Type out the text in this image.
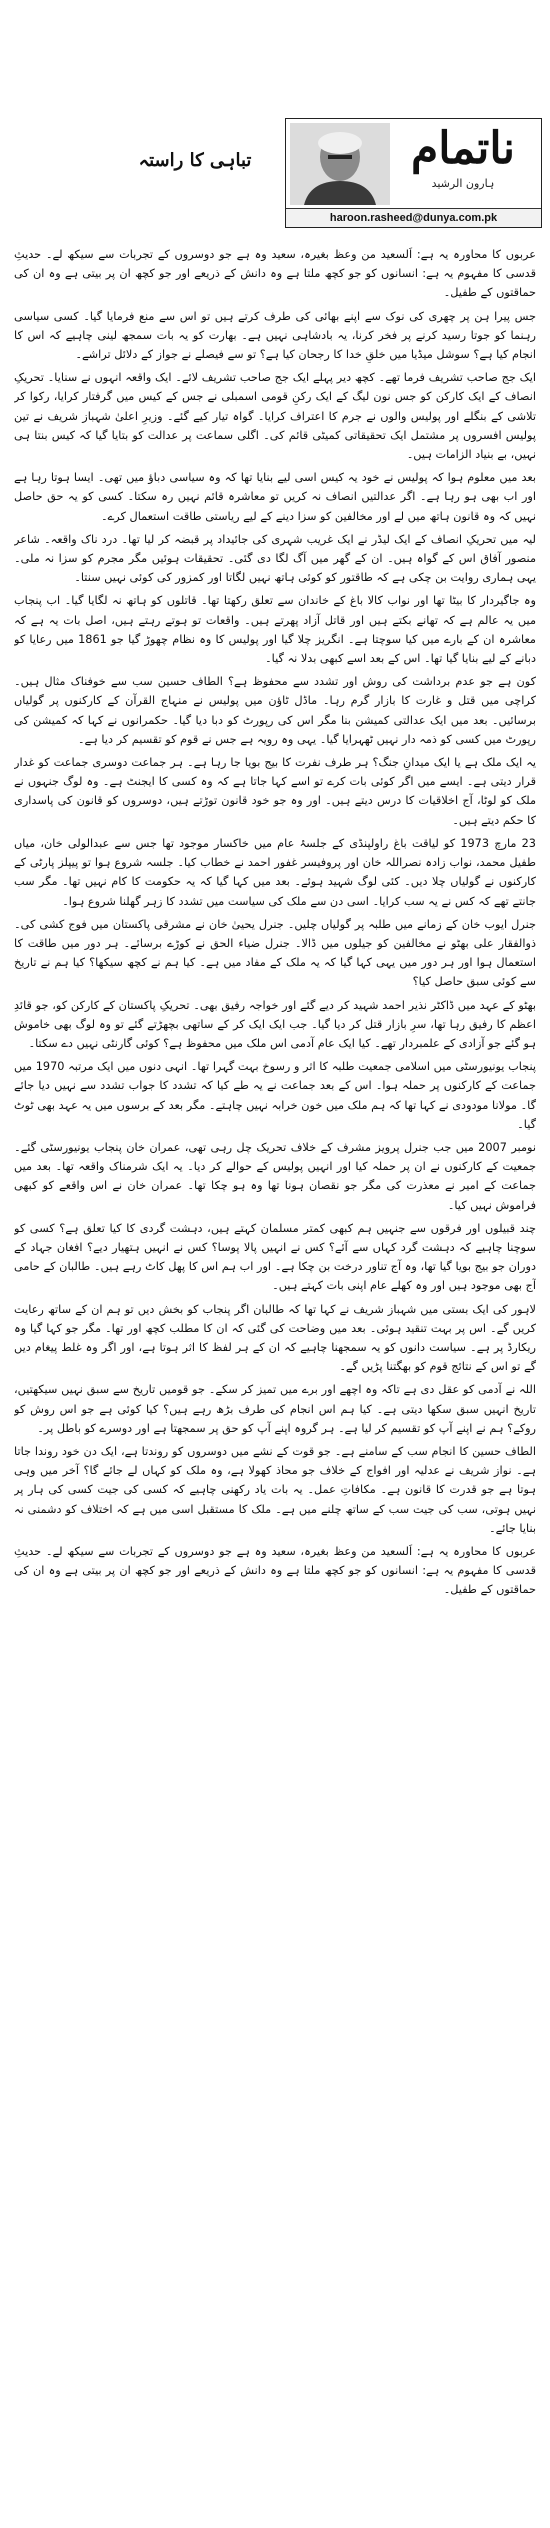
ناتمام
ہارون الرشید
haroon.rasheed@dunya.com.pk
تباہی کا راستہ

عربوں کا محاورہ یہ ہے: اَلسعید من وعظ بغیرہ، سعید وہ ہے جو دوسروں کے تجربات سے سیکھ لے۔ حدیثِ قدسی کا مفہوم یہ ہے: انسانوں کو جو کچھ ملتا ہے وہ دانش کے ذریعے اور جو کچھ ان پر بیتی ہے وہ ان کی حماقتوں کے طفیل۔

جس پیرا ہن پر چھری کی نوک سے اپنے بھائی کی طرف کرتے ہیں تو اس سے منع فرمایا گیا۔ کسی سیاسی رہنما کو جوتا رسید کرنے پر فخر کرنا، یہ بادشاہی نہیں ہے۔ بھارت کو یہ بات سمجھ لینی چاہیے کہ اس کا انجام کیا ہے؟ سوشل میڈیا میں خلقِ خدا کا رجحان کیا ہے؟ تو سے فیصلے نے جواز کے دلائل تراشے۔

ایک جج صاحب تشریف فرما تھے۔ کچھ دیر پہلے ایک جج صاحب تشریف لائے۔ ایک واقعہ انہوں نے سنایا۔ تحریکِ انصاف کے ایک کارکن کو جس نون لیگ کے ایک رکنِ قومی اسمبلی نے جس کے کیس میں گرفتار کرایا، رکوا کر تلاشی کے بنگلے اور پولیس والوں نے جرم کا اعتراف کرایا۔ گواہ تیار کیے گئے۔ وزیرِ اعلیٰ شہباز شریف نے تین پولیس افسروں پر مشتمل ایک تحقیقاتی کمیٹی قائم کی۔ اگلی سماعت پر عدالت کو بتایا گیا کہ کیس بنتا ہی نہیں، بے بنیاد الزامات ہیں۔

بعد میں معلوم ہوا کہ پولیس نے خود یہ کیس اسی لیے بنایا تھا کہ وہ سیاسی دباؤ میں تھی۔ ایسا ہوتا رہا ہے اور اب بھی ہو رہا ہے۔ اگر عدالتیں انصاف نہ کریں تو معاشرہ قائم نہیں رہ سکتا۔ کسی کو یہ حق حاصل نہیں کہ وہ قانون ہاتھ میں لے اور مخالفین کو سزا دینے کے لیے ریاستی طاقت استعمال کرے۔

لیہ میں تحریکِ انصاف کے ایک لیڈر نے ایک غریب شہری کی جائیداد پر قبضہ کر لیا تھا۔ درد ناک واقعہ۔ شاعر منصور آفاق اس کے گواہ ہیں۔ ان کے گھر میں آگ لگا دی گئی۔ تحقیقات ہوئیں مگر مجرم کو سزا نہ ملی۔ یہی ہماری روایت بن چکی ہے کہ طاقتور کو کوئی ہاتھ نہیں لگاتا اور کمزور کی کوئی نہیں سنتا۔

وہ جاگیردار کا بیٹا تھا اور نواب کالا باغ کے خاندان سے تعلق رکھتا تھا۔ قاتلوں کو ہاتھ نہ لگایا گیا۔ اب پنجاب میں یہ عالم ہے کہ تھانے بکتے ہیں اور قاتل آزاد پھرتے ہیں۔ واقعات تو ہوتے رہتے ہیں، اصل بات یہ ہے کہ معاشرہ ان کے بارے میں کیا سوچتا ہے۔ انگریز چلا گیا اور پولیس کا وہ نظام چھوڑ گیا جو 1861 میں رعایا کو دبانے کے لیے بنایا گیا تھا۔ اس کے بعد اسے کبھی بدلا نہ گیا۔

کون ہے جو عدم برداشت کی روش اور تشدد سے محفوظ ہے؟ الطاف حسین سب سے خوفناک مثال ہیں۔ کراچی میں قتل و غارت کا بازار گرم رہا۔ ماڈل ٹاؤن میں پولیس نے منہاج القرآن کے کارکنوں پر گولیاں برسائیں۔ بعد میں ایک عدالتی کمیشن بنا مگر اس کی رپورٹ کو دبا دیا گیا۔ حکمرانوں نے کہا کہ کمیشن کی رپورٹ میں کسی کو ذمہ دار نہیں ٹھہرایا گیا۔ یہی وہ رویہ ہے جس نے قوم کو تقسیم کر دیا ہے۔

یہ ایک ملک ہے یا ایک میدانِ جنگ؟ ہر طرف نفرت کا بیج بویا جا رہا ہے۔ ہر جماعت دوسری جماعت کو غدار قرار دیتی ہے۔ ایسے میں اگر کوئی بات کرے تو اسے کہا جاتا ہے کہ وہ کسی کا ایجنٹ ہے۔ وہ لوگ جنہوں نے ملک کو لوٹا، آج اخلاقیات کا درس دیتے ہیں۔ اور وہ جو خود قانون توڑتے ہیں، دوسروں کو قانون کی پاسداری کا حکم دیتے ہیں۔

23 مارچ 1973 کو لیاقت باغ راولپنڈی کے جلسۂ عام میں خاکسار موجود تھا جس سے عبدالولی خان، میاں طفیل محمد، نواب زادہ نصراللہ خان اور پروفیسر غفور احمد نے خطاب کیا۔ جلسہ شروع ہوا تو پیپلز پارٹی کے کارکنوں نے گولیاں چلا دیں۔ کئی لوگ شہید ہوئے۔ بعد میں کہا گیا کہ یہ حکومت کا کام نہیں تھا۔ مگر سب جانتے تھے کہ کس نے یہ سب کرایا۔ اسی دن سے ملک کی سیاست میں تشدد کا زہر گھلنا شروع ہوا۔

جنرل ایوب خان کے زمانے میں طلبہ پر گولیاں چلیں۔ جنرل یحییٰ خان نے مشرقی پاکستان میں فوج کشی کی۔ ذوالفقار علی بھٹو نے مخالفین کو جیلوں میں ڈالا۔ جنرل ضیاء الحق نے کوڑے برسائے۔ ہر دور میں طاقت کا استعمال ہوا اور ہر دور میں یہی کہا گیا کہ یہ ملک کے مفاد میں ہے۔ کیا ہم نے کچھ سیکھا؟ کیا ہم نے تاریخ سے کوئی سبق حاصل کیا؟

بھٹو کے عہد میں ڈاکٹر نذیر احمد شہید کر دیے گئے اور خواجہ رفیق بھی۔ تحریکِ پاکستان کے کارکن کو، جو قائدِ اعظم کا رفیق رہا تھا، سرِ بازار قتل کر دیا گیا۔ جب ایک ایک کر کے ساتھی بچھڑتے گئے تو وہ لوگ بھی خاموش ہو گئے جو آزادی کے علمبردار تھے۔ کیا ایک عام آدمی اس ملک میں محفوظ ہے؟ کوئی گارنٹی نہیں دے سکتا۔

پنجاب یونیورسٹی میں اسلامی جمعیت طلبہ کا اثر و رسوخ بہت گہرا تھا۔ انہی دنوں میں ایک مرتبہ 1970 میں جماعت کے کارکنوں پر حملہ ہوا۔ اس کے بعد جماعت نے یہ طے کیا کہ تشدد کا جواب تشدد سے نہیں دیا جائے گا۔ مولانا مودودی نے کہا تھا کہ ہم ملک میں خون خرابہ نہیں چاہتے۔ مگر بعد کے برسوں میں یہ عہد بھی ٹوٹ گیا۔

نومبر 2007 میں جب جنرل پرویز مشرف کے خلاف تحریک چل رہی تھی، عمران خان پنجاب یونیورسٹی گئے۔ جمعیت کے کارکنوں نے ان پر حملہ کیا اور انہیں پولیس کے حوالے کر دیا۔ یہ ایک شرمناک واقعہ تھا۔ بعد میں جماعت کے امیر نے معذرت کی مگر جو نقصان ہونا تھا وہ ہو چکا تھا۔ عمران خان نے اس واقعے کو کبھی فراموش نہیں کیا۔

چند قبیلوں اور فرقوں سے جنہیں ہم کبھی کمتر مسلمان کہتے ہیں، دہشت گردی کا کیا تعلق ہے؟ کسی کو سوچنا چاہیے کہ دہشت گرد کہاں سے آئے؟ کس نے انہیں پالا پوسا؟ کس نے انہیں ہتھیار دیے؟ افغان جہاد کے دوران جو بیج بویا گیا تھا، وہ آج تناور درخت بن چکا ہے۔ اور اب ہم اس کا پھل کاٹ رہے ہیں۔ طالبان کے حامی آج بھی موجود ہیں اور وہ کھلے عام اپنی بات کہتے ہیں۔

لاہور کی ایک بستی میں شہباز شریف نے کہا تھا کہ طالبان اگر پنجاب کو بخش دیں تو ہم ان کے ساتھ رعایت کریں گے۔ اس پر بہت تنقید ہوئی۔ بعد میں وضاحت کی گئی کہ ان کا مطلب کچھ اور تھا۔ مگر جو کہا گیا وہ ریکارڈ پر ہے۔ سیاست دانوں کو یہ سمجھنا چاہیے کہ ان کے ہر لفظ کا اثر ہوتا ہے، اور اگر وہ غلط پیغام دیں گے تو اس کے نتائج قوم کو بھگتنا پڑیں گے۔

اللہ نے آدمی کو عقل دی ہے تاکہ وہ اچھے اور برے میں تمیز کر سکے۔ جو قومیں تاریخ سے سبق نہیں سیکھتیں، تاریخ انہیں سبق سکھا دیتی ہے۔ کیا ہم اس انجام کی طرف بڑھ رہے ہیں؟ کیا کوئی ہے جو اس روش کو روکے؟ ہم نے اپنے آپ کو تقسیم کر لیا ہے۔ ہر گروہ اپنے آپ کو حق پر سمجھتا ہے اور دوسرے کو باطل پر۔

الطاف حسین کا انجام سب کے سامنے ہے۔ جو قوت کے نشے میں دوسروں کو روندتا ہے، ایک دن خود روندا جاتا ہے۔ نواز شریف نے عدلیہ اور افواج کے خلاف جو محاذ کھولا ہے، وہ ملک کو کہاں لے جائے گا؟ آخر میں وہی ہوتا ہے جو قدرت کا قانون ہے۔ مکافاتِ عمل۔ یہ بات یاد رکھنی چاہیے کہ کسی کی جیت کسی کی ہار پر نہیں ہوتی، سب کی جیت سب کے ساتھ چلنے میں ہے۔ ملک کا مستقبل اسی میں ہے کہ اختلاف کو دشمنی نہ بنایا جائے۔

عربوں کا محاورہ یہ ہے: اَلسعید من وعظ بغیرہ، سعید وہ ہے جو دوسروں کے تجربات سے سیکھ لے۔ حدیثِ قدسی کا مفہوم یہ ہے: انسانوں کو جو کچھ ملتا ہے وہ دانش کے ذریعے اور جو کچھ ان پر بیتی ہے وہ ان کی حماقتوں کے طفیل۔
